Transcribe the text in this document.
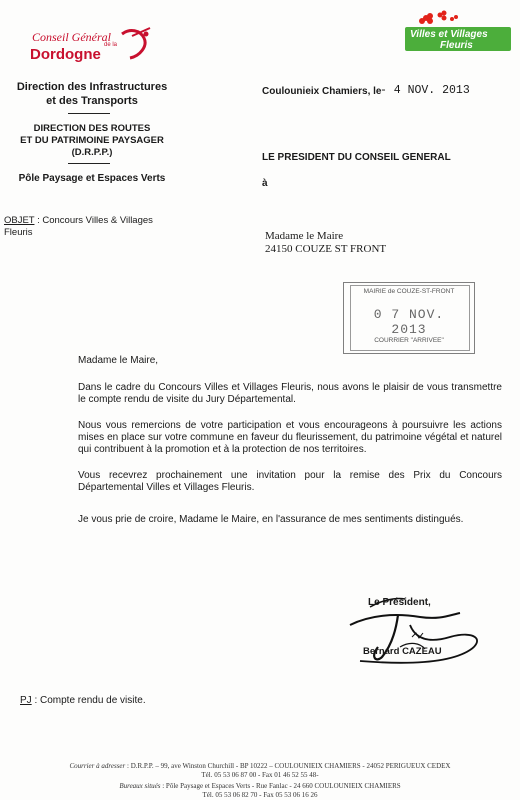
Conseil Général
de la
Dordogne
Villes et Villages
Fleuris
Direction des Infrastructures
et des Transports
DIRECTION DES ROUTES
ET DU PATRIMOINE PAYSAGER
(D.R.P.P.)
Pôle Paysage et Espaces Verts
OBJET : Concours Villes & Villages
Fleuris
Coulounieix Chamiers, le
- 4 NOV. 2013
LE PRESIDENT DU CONSEIL GENERAL
à
Madame le Maire
24150 COUZE ST FRONT
MAIRIE de COUZE-ST-FRONT
0 7 NOV. 2013
COURRIER "ARRIVEE"
Madame le Maire,
Dans le cadre du Concours Villes et Villages Fleuris, nous avons le plaisir de vous transmettre le compte rendu de visite du Jury Départemental.
Nous vous remercions de votre participation et vous encourageons à poursuivre les actions mises en place sur votre commune en faveur du fleurissement, du patrimoine végétal et naturel qui contribuent à la promotion et à la protection de nos territoires.
Vous recevrez prochainement une invitation pour la remise des Prix du Concours Départemental Villes et Villages Fleuris.
Je vous prie de croire, Madame le Maire, en l'assurance de mes sentiments distingués.
Le Président,
Bernard CAZEAU
PJ : Compte rendu de visite.
Courrier à adresser : D.R.P.P. – 99, ave Winston Churchill - BP 10222 – COULOUNIEIX CHAMIERS - 24052 PERIGUEUX CEDEX
Tél. 05 53 06 87 00 - Fax 01 46 52 55 48-
Bureaux situés : Pôle Paysage et Espaces Verts - Rue Fanlac - 24 660 COULOUNIEIX CHAMIERS
Tél. 05 53 06 82 70 - Fax 05 53 06 16 26
